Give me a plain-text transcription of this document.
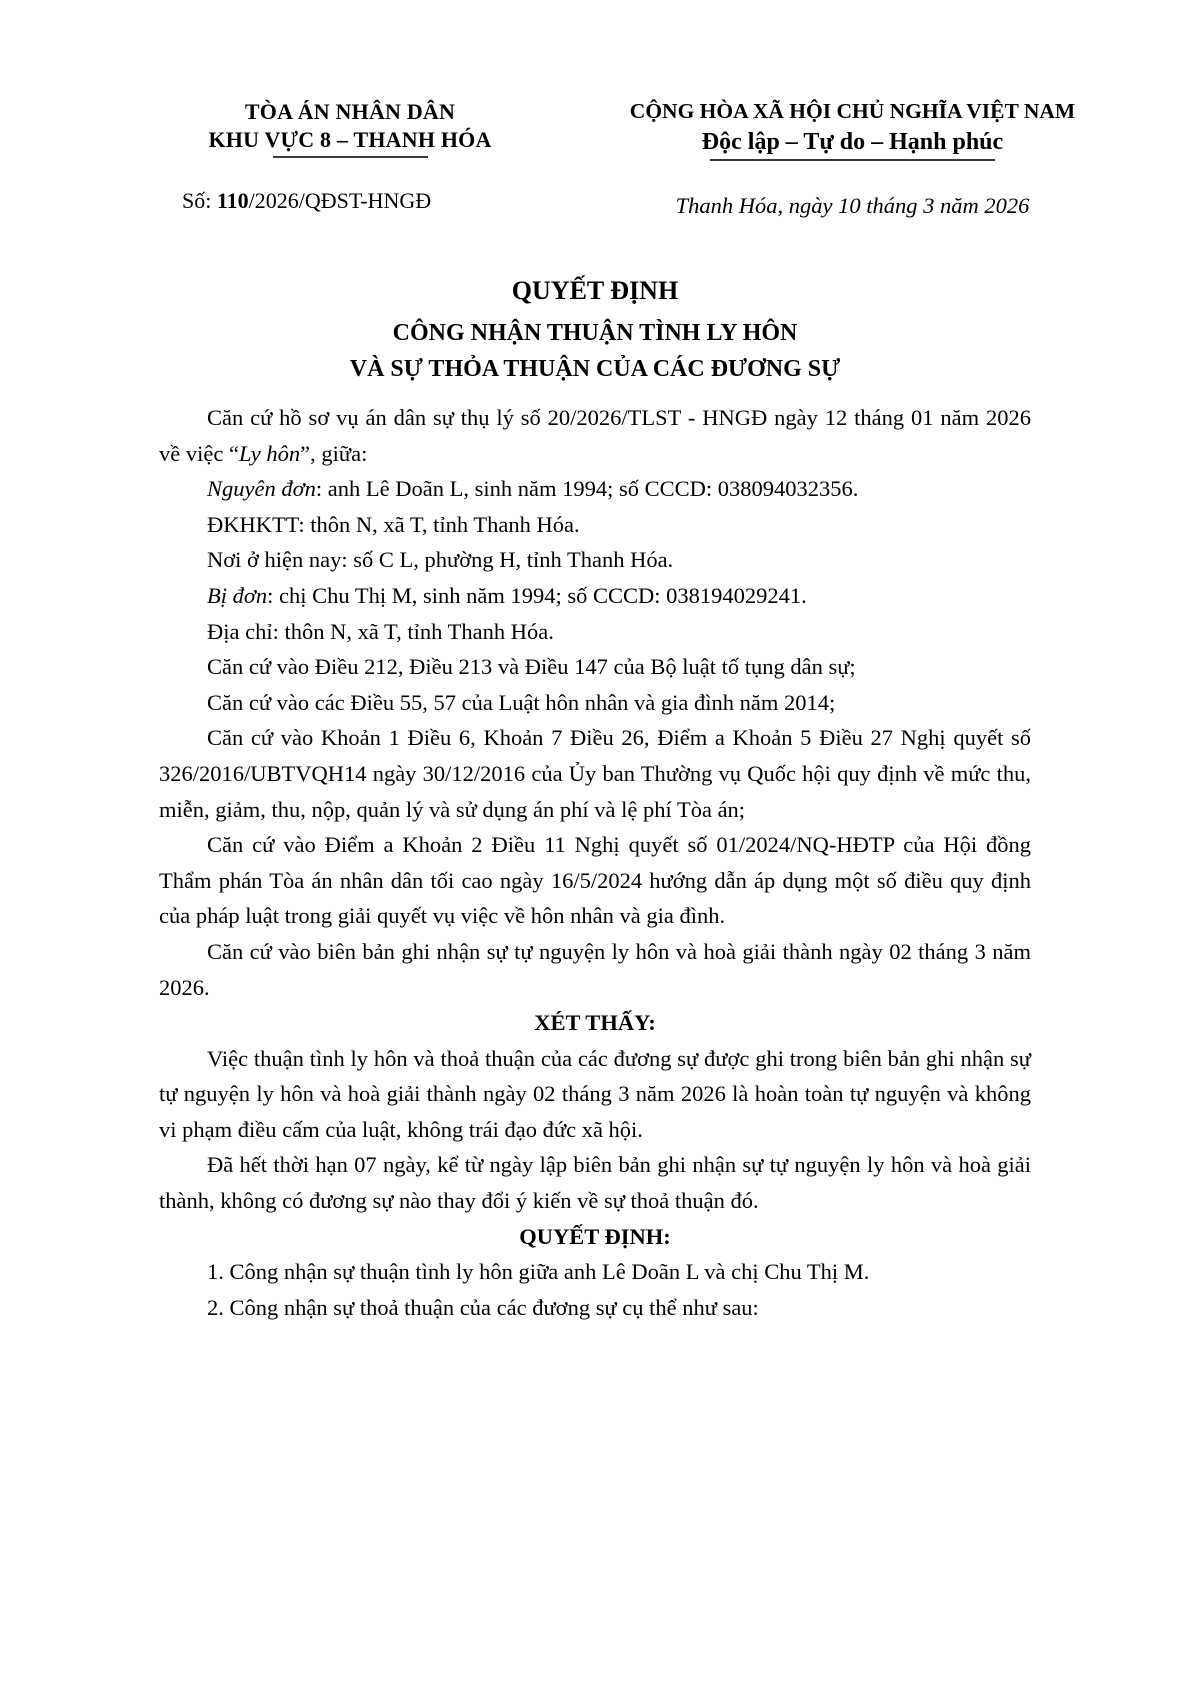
TÒA ÁN NHÂN DÂN
KHU VỰC 8 – THANH HÓA
Số: 110/2026/QĐST-HNGĐ
CỘNG HÒA XÃ HỘI CHỦ NGHĨA VIỆT NAM
Độc lập – Tự do – Hạnh phúc
Thanh Hóa, ngày 10 tháng 3 năm 2026
QUYẾT ĐỊNH
CÔNG NHẬN THUẬN TÌNH LY HÔN
VÀ SỰ THỎA THUẬN CỦA CÁC ĐƯƠNG SỰ

Căn cứ hồ sơ vụ án dân sự thụ lý số 20/2026/TLST - HNGĐ ngày 12 tháng 01 năm 2026 về việc “Ly hôn”, giữa:

Nguyên đơn: anh Lê Doãn L, sinh năm 1994; số CCCD: 038094032356.

ĐKHKTT: thôn N, xã T, tỉnh Thanh Hóa.

Nơi ở hiện nay: số C L, phường H, tỉnh Thanh Hóa.

Bị đơn: chị Chu Thị M, sinh năm 1994; số CCCD: 038194029241.

Địa chỉ: thôn N, xã T, tỉnh Thanh Hóa.

Căn cứ vào Điều 212, Điều 213 và Điều 147 của Bộ luật tố tụng dân sự;

Căn cứ vào các Điều 55, 57 của Luật hôn nhân và gia đình năm 2014;

Căn cứ vào Khoản 1 Điều 6, Khoản 7 Điều 26, Điểm a Khoản 5 Điều 27 Nghị quyết số 326/2016/UBTVQH14 ngày 30/12/2016 của Ủy ban Thường vụ Quốc hội quy định về mức thu, miễn, giảm, thu, nộp, quản lý và sử dụng án phí và lệ phí Tòa án;

Căn cứ vào Điểm a Khoản 2 Điều 11 Nghị quyết số 01/2024/NQ-HĐTP của Hội đồng Thẩm phán Tòa án nhân dân tối cao ngày 16/5/2024 hướng dẫn áp dụng một số điều quy định của pháp luật trong giải quyết vụ việc về hôn nhân và gia đình.

Căn cứ vào biên bản ghi nhận sự tự nguyện ly hôn và hoà giải thành ngày 02 tháng 3 năm 2026.

XÉT THẤY:

Việc thuận tình ly hôn và thoả thuận của các đương sự được ghi trong biên bản ghi nhận sự tự nguyện ly hôn và hoà giải thành ngày 02 tháng 3 năm 2026 là hoàn toàn tự nguyện và không vi phạm điều cấm của luật, không trái đạo đức xã hội.

Đã hết thời hạn 07 ngày, kể từ ngày lập biên bản ghi nhận sự tự nguyện ly hôn và hoà giải thành, không có đương sự nào thay đổi ý kiến về sự thoả thuận đó.

QUYẾT ĐỊNH:

1. Công nhận sự thuận tình ly hôn giữa anh Lê Doãn L và chị Chu Thị M.

2. Công nhận sự thoả thuận của các đương sự cụ thể như sau:
